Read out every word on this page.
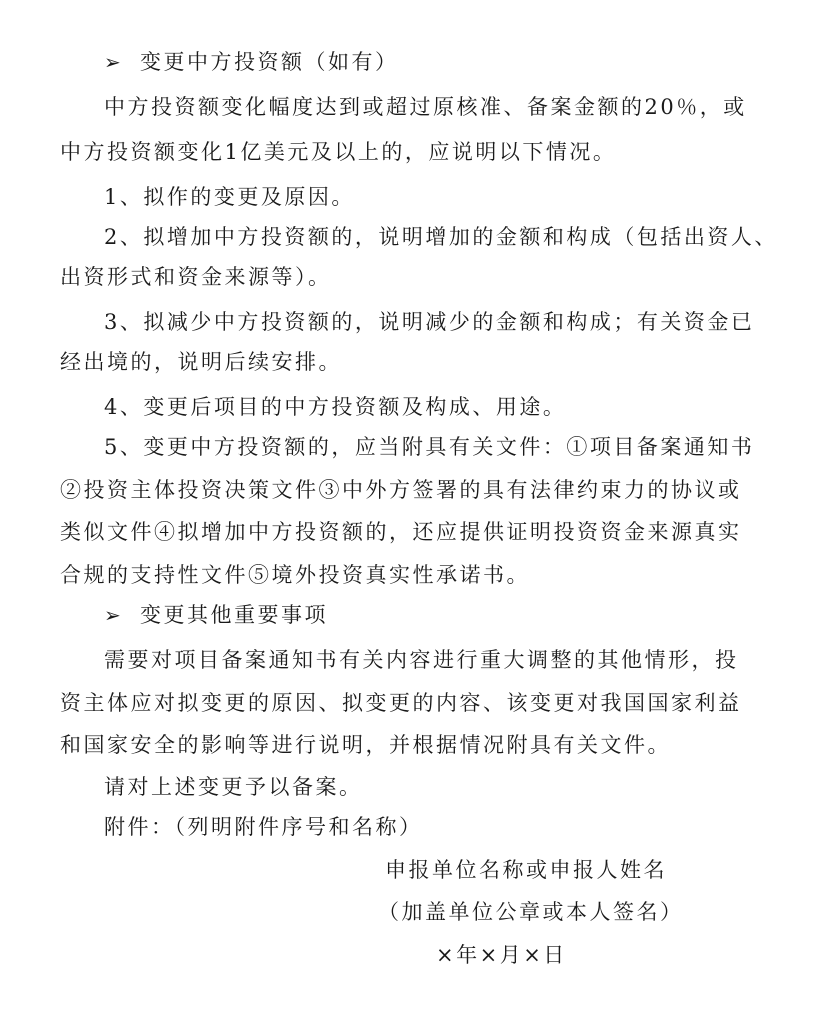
➢ 变更中方投资额（如有）
中方投资额变化幅度达到或超过原核准、备案金额的20％，或
中方投资额变化1亿美元及以上的，应说明以下情况。
1、拟作的变更及原因。
2、拟增加中方投资额的，说明增加的金额和构成（包括出资人、
出资形式和资金来源等）。
3、拟减少中方投资额的，说明减少的金额和构成；有关资金已
经出境的，说明后续安排。
4、变更后项目的中方投资额及构成、用途。
5、变更中方投资额的，应当附具有关文件：①项目备案通知书
②投资主体投资决策文件③中外方签署的具有法律约束力的协议或
类似文件④拟增加中方投资额的，还应提供证明投资资金来源真实
合规的支持性文件⑤境外投资真实性承诺书。
➢ 变更其他重要事项
需要对项目备案通知书有关内容进行重大调整的其他情形，投
资主体应对拟变更的原因、拟变更的内容、该变更对我国国家利益
和国家安全的影响等进行说明，并根据情况附具有关文件。
请对上述变更予以备案。
附件：（列明附件序号和名称）
申报单位名称或申报人姓名
（加盖单位公章或本人签名）
×年×月×日
